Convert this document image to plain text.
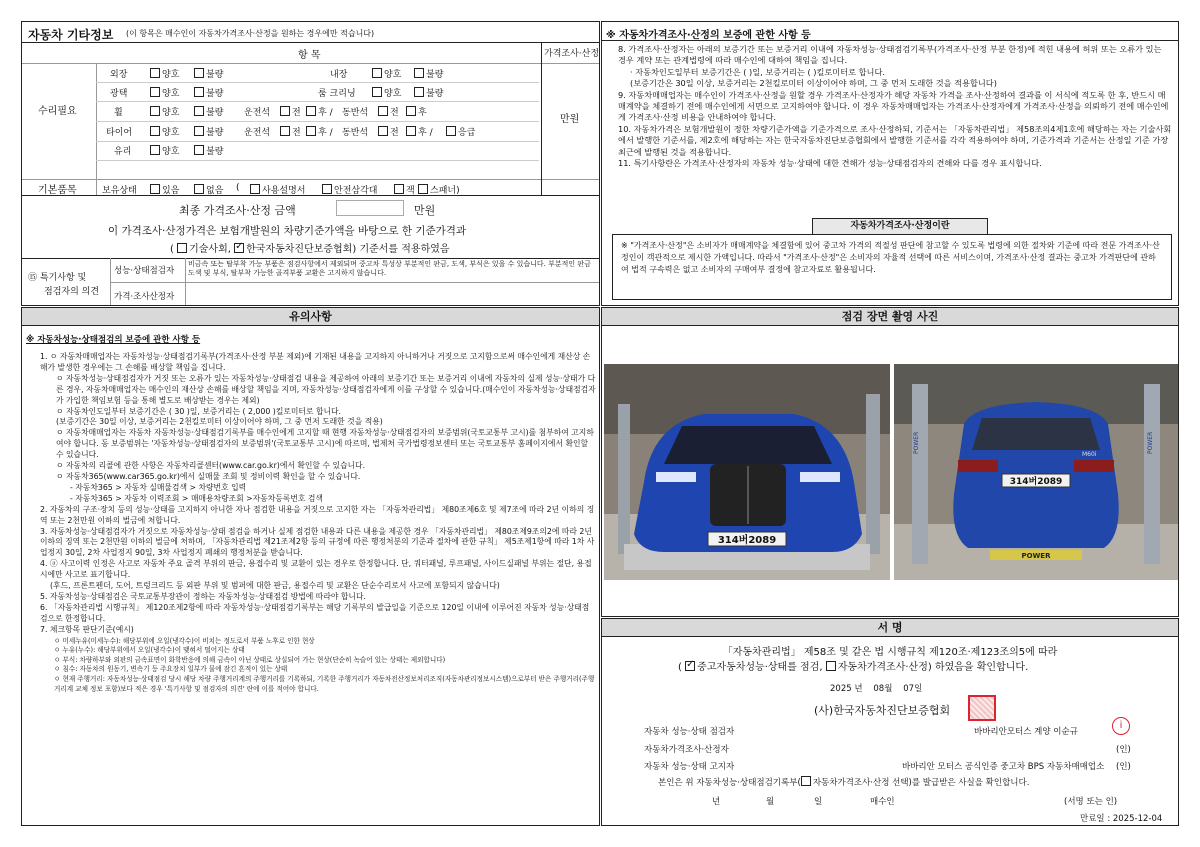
자동차 기타정보 (이 항목은 매수인이 자동차가격조사·산정을 원하는 경우에만 적습니다)
항 목	가격조사·산정
수리필요
기본품목
만원
외장	양호	불량	내장	양호	불량
광택	양호	불량	룸 크리닝	양호	불량
휠	양호	불량 운전석	전	후 / 동반석	전	후
타이어	양호	불량 운전석	전	후 / 동반석	전	후 /	응급
유리	양호	불량
보유상태	있음	없음 (	사용설명서	안전삼각대	잭	스패너)
최종 가격조사·산정 금액	만원
이 가격조사·산정가격은 보험개발원의 차량기준가액을 바탕으로 한 기준가격과
( 기술사회, ✓ 한국자동차진단보증협회) 기준서를 적용하였음
⑮ 특기사항 및
점검자의 의견
성능·상태점검자
비금속 또는 탈부착 가능 부품은 점검사항에서 제외되며 중고차 특성상 부분적인 판금, 도색, 부식은 있을 수 있습니다. 부분적인 판금 도색 및 부식, 탈부착 가능한 골격부품 교환은 고지하지 않습니다.
가격·조사산정자
※ 자동차가격조사·산정의 보증에 관한 사항 등
8. 가격조사·산정자는 아래의 보증기간 또는 보증거리 이내에 자동차성능·상태점검기록부(가격조사·산정 부분 한정)에 적힌 내용에 허위 또는 오류가 있는 경우 계약 또는 관계법령에 따라 매수인에 대하여 책임을 집니다.
· 자동차인도일부터 보증기간은 ( )일, 보증거리는 ( )킬로미터로 합니다.
(보증기간은 30일 이상, 보증거리는 2천킬로미터 이상이어야 하며, 그 중 먼저 도래한 것을 적용합니다)
9. 자동차매매업자는 매수인이 가격조사·산정을 원할 경우 가격조사·산정자가 해당 자동차 가격을 조사·산정하여 결과를 이 서식에 적도록 한 후, 반드시 매매계약을 체결하기 전에 매수인에게 서면으로 고지하여야 합니다. 이 경우 자동차매매업자는 가격조사·산정자에게 가격조사·산정을 의뢰하기 전에 매수인에게 가격조사·산정 비용을 안내하여야 합니다.
10. 자동차가격은 보험개발원이 정한 차량기준가액을 기준가격으로 조사·산정하되, 기준서는 「자동차관리법」 제58조의4제1호에 해당하는 자는 기술사회에서 발행한 기준서를, 제2호에 해당하는 자는 한국자동차진단보증협회에서 발행한 기준서를 각각 적용하여야 하며, 기준가격과 기준서는 산정일 기준 가장 최근에 발행된 것을 적용합니다.
11. 특기사항란은 가격조사·산정자의 자동차 성능·상태에 대한 견해가 성능·상태점검자의 견해와 다를 경우 표시합니다.
자동차가격조사·산정이란
※ "가격조사·산정"은 소비자가 매매계약을 체결함에 있어 중고차 가격의 적절성 판단에 참고할 수 있도록 법령에 의한 절차와 기준에 따라 전문 가격조사·산정인이 객관적으로 제시한 가액입니다. 따라서 "가격조사·산정"은 소비자의 자율적 선택에 따른 서비스이며, 가격조사·산정 결과는 중고차 가격판단에 관하여 법적 구속력은 없고 소비자의 구매여부 결정에 참고자료로 활용됩니다.
유의사항
※ 자동차성능·상태점검의 보증에 관한 사항 등
1. ㅇ 자동차매매업자는 자동차성능·상태점검기록부(가격조사·산정 부분 제외)에 기재된 내용을 고지하지 아니하거나 거짓으로 고지함으로써 매수인에게 재산상 손해가 발생한 경우에는 그 손해를 배상할 책임을 집니다.
ㅇ 자동차성능·상태점검자가 거짓 또는 오류가 있는 자동차성능·상태점검 내용을 제공하여 아래의 보증기간 또는 보증거리 이내에 자동차의 실제 성능·상태가 다른 경우, 자동차매매업자는 매수인의 재산상 손해를 배상할 책임을 지며, 자동차성능·상태점검자에게 이를 구상할 수 있습니다.(매수인이 자동차성능·상태점검자가 가입한 책임보험 등을 통해 별도로 배상받는 경우는 제외)
ㅇ 자동차인도일부터 보증기간은 ( 30 )일, 보증거리는 ( 2,000 )킬로미터로 합니다.
(보증기간은 30일 이상, 보증거리는 2천킬로미터 이상이어야 하며, 그 중 먼저 도래한 것을 적용)
ㅇ 자동차매매업자는 자동차 자동차성능·상태점검기록부를 매수인에게 고지할 때 현행 자동차성능·상태점검자의 보증범위(국토교통부 고시)를 첨부하여 고지하여야 합니다. 동 보증범위는 '자동차성능·상태점검자의 보증범위'(국토교통부 고시)에 따르며, 법제처 국가법령정보센터 또는 국토교통부 홈페이지에서 확인할 수 있습니다.
ㅇ 자동차의 리콜에 관한 사항은 자동차리콜센터(www.car.go.kr)에서 확인할 수 있습니다.
ㅇ 자동차365(www.car365.go.kr)에서 실매물 조회 및 정비이력 확인을 할 수 있습니다.
- 자동차365 > 자동차 실매물검색 > 차량번호 입력
- 자동차365 > 자동차 이력조회 > 매매용차량조회 >자동차등록번호 검색
2. 자동차의 구조·장치 등의 성능·상태를 고지하지 아니한 자나 점검한 내용을 거짓으로 고지한 자는 「자동차관리법」 제80조제6호 및 제7조에 따라 2년 이하의 징역 또는 2천만원 이하의 벌금에 처합니다.
3. 자동차성능·상태점검자가 거짓으로 자동차성능·상태 점검을 하거나 실제 점검한 내용과 다른 내용을 제공한 경우 「자동차관리법」 제80조제9조의2에 따라 2년 이하의 징역 또는 2천만원 이하의 벌금에 처하며, 「자동차관리법 제21조제2항 등의 규정에 따른 행정처분의 기준과 절차에 관한 규칙」 제5조제1항에 따라 1차 사업정지 30일, 2차 사업정지 90일, 3차 사업정지 폐쇄의 행정처분을 받습니다.
4. ⓐ 사고이력 인정은 사고로 자동차 주요 골격 부위의 판금, 용접수리 및 교환이 있는 경우로 한정합니다. 단, 쿼터패널, 루프패널, 사이드실패널 부위는 절단, 용접 시에만 사고로 표기합니다.
(후드, 프론트펜더, 도어, 트렁크리드 등 외판 부위 및 범퍼에 대한 판금, 용접수리 및 교환은 단순수리로서 사고에 포함되지 않습니다)
5. 자동차성능·상태점검은 국토교통부장관이 정하는 자동차성능·상태점검 방법에 따라야 합니다.
6. 「자동차관리법 시행규칙」 제120조제2항에 따라 자동차성능·상태점검기록부는 해당 기록부의 발급일을 기준으로 120일 이내에 이루어진 자동차 성능·상태점검으로 한정합니다.
7. 체크항목 판단기준(예시)
ㅇ 미세누유(미세누수): 해당부위에 오일(냉각수)이 비치는 정도로서 부품 노후로 인한 현상
ㅇ 누유(누수): 해당부위에서 오일(냉각수)이 맺혀서 떨어지는 상태
ㅇ 부식: 차량하부와 외판의 금속표면이 화학반응에 의해 금속이 아닌 상태로 상실되어 가는 현상(단순히 녹슬어 있는 상태는 제외합니다)
ㅇ 침수: 자동차의 원동기, 변속기 등 주요장치 일부가 물에 잠긴 흔적이 있는 상태
ㅇ 현재 주행거리: 자동차성능·상태점검 당시 해당 차량 주행거리계의 주행거리를 기록하되, 기록한 주행거리가 자동차전산정보처리조직(자동차관리정보시스템)으로부터 받은 주행거리(주행거리계 교체 정보 포함)보다 적은 경우 '특기사항 및 점검자의 의견' 란에 이를 적어야 합니다.
점검 장면 촬영 사진
314버2089
POWER	POWER
M60i
314버2089
POWER
서 명
「자동차관리법」 제58조 및 같은 법 시행규칙 제120조·제123조의5에 따라
( ✓중고자동차성능·상태를 점검, 자동차가격조사·산정) 하였음을 확인합니다.
2025 년 08월 07일
(사)한국자동차진단보증협회
자동차 성능·상태 점검자	바바리안모터스 계양 이순규
i
자동차가격조사·산정자	(인)
자동차 성능·상태 고지자	바바리안 모터스 공식인증 중고차 BPS 자동차매매업소 (인)
본인은 위 자동차성능·상태점검기록부( 자동차가격조사·산정 선택)를 발급받은 사실을 확인합니다.
년	월	일	매수인	(서명 또는 인)
만료일 : 2025-12-04
